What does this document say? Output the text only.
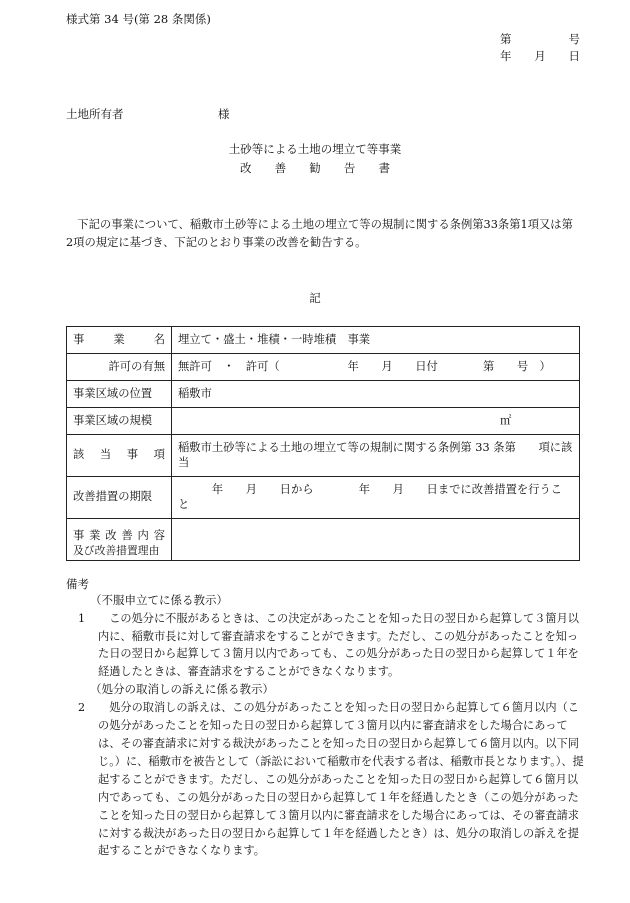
様式第 34 号(第 28 条関係)
第	号
年 月 日
土地所有者	様
土砂等による土地の埋立て等事業
改 善 勧 告 書
下記の事業について、稲敷市土砂等による土地の埋立て等の規制に関する条例第33条第1項又は第2項の規定に基づき、下記のとおり事業の改善を勧告する。
記
事 業 名	埋立て・盛土・堆積・一時堆積　事業
許可の有無	無許可　・　許可（　　　　　　年　　月　　日付　　　　第　　号　）
事業区域の位置	稲敷市
事業区域の規模	㎡

該 当 事 項	稲敷市土砂等による土地の埋立て等の規制に関する条例第 33 条第　　項に該当
改善措置の期限	　　　年　　月　　日から　　　　年　　月　　日までに改善措置を行うこと

事業改善内容
及び改善措置理由	

備考
（不服申立てに係る教示）
1 この処分に不服があるときは、この決定があったことを知った日の翌日から起算して３箇月以内に、稲敷市長に対して審査請求をすることができます。ただし、この処分があったことを知った日の翌日から起算して３箇月以内であっても、この処分があった日の翌日から起算して１年を経過したときは、審査請求をすることができなくなります。
（処分の取消しの訴えに係る教示）
2 処分の取消しの訴えは、この処分があったことを知った日の翌日から起算して６箇月以内（この処分があったことを知った日の翌日から起算して３箇月以内に審査請求をした場合にあっては、その審査請求に対する裁決があったことを知った日の翌日から起算して６箇月以内。以下同じ。）に、稲敷市を被告として（訴訟において稲敷市を代表する者は、稲敷市長となります。）、提起することができます。ただし、この処分があったことを知った日の翌日から起算して６箇月以内であっても、この処分があった日の翌日から起算して１年を経過したとき（この処分があったことを知った日の翌日から起算して３箇月以内に審査請求をした場合にあっては、その審査請求に対する裁決があった日の翌日から起算して１年を経過したとき）は、処分の取消しの訴えを提起することができなくなります。
